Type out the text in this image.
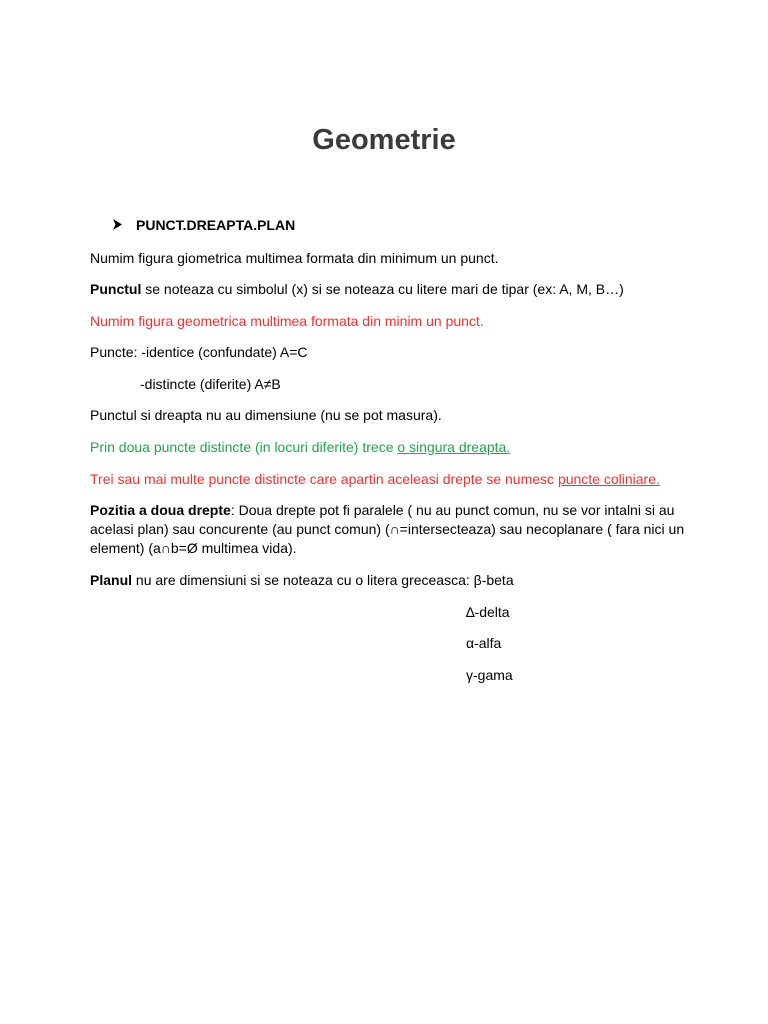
Geometrie
PUNCT.DREAPTA.PLAN

Numim figura giometrica multimea formata din minimum un punct.

Punctul se noteaza cu simbolul (x) si se noteaza cu litere mari de tipar (ex: A, M, B…)

Numim figura geometrica multimea formata din minim un punct.

Puncte: -identice (confundate) A=C

-distincte (diferite) A≠B

Punctul si dreapta nu au dimensiune (nu se pot masura).

Prin doua puncte distincte (in locuri diferite) trece o singura dreapta.

Trei sau mai multe puncte distincte care apartin aceleasi drepte se numesc puncte coliniare.

Pozitia a doua drepte: Doua drepte pot fi paralele ( nu au punct comun, nu se vor intalni si au acelasi plan) sau concurente (au punct comun) (∩=intersecteaza) sau necoplanare ( fara nici un element) (a∩b=Ø multimea vida).

Planul nu are dimensiuni si se noteaza cu o litera greceasca: β-beta

∆-delta
α-alfa
γ-gama
